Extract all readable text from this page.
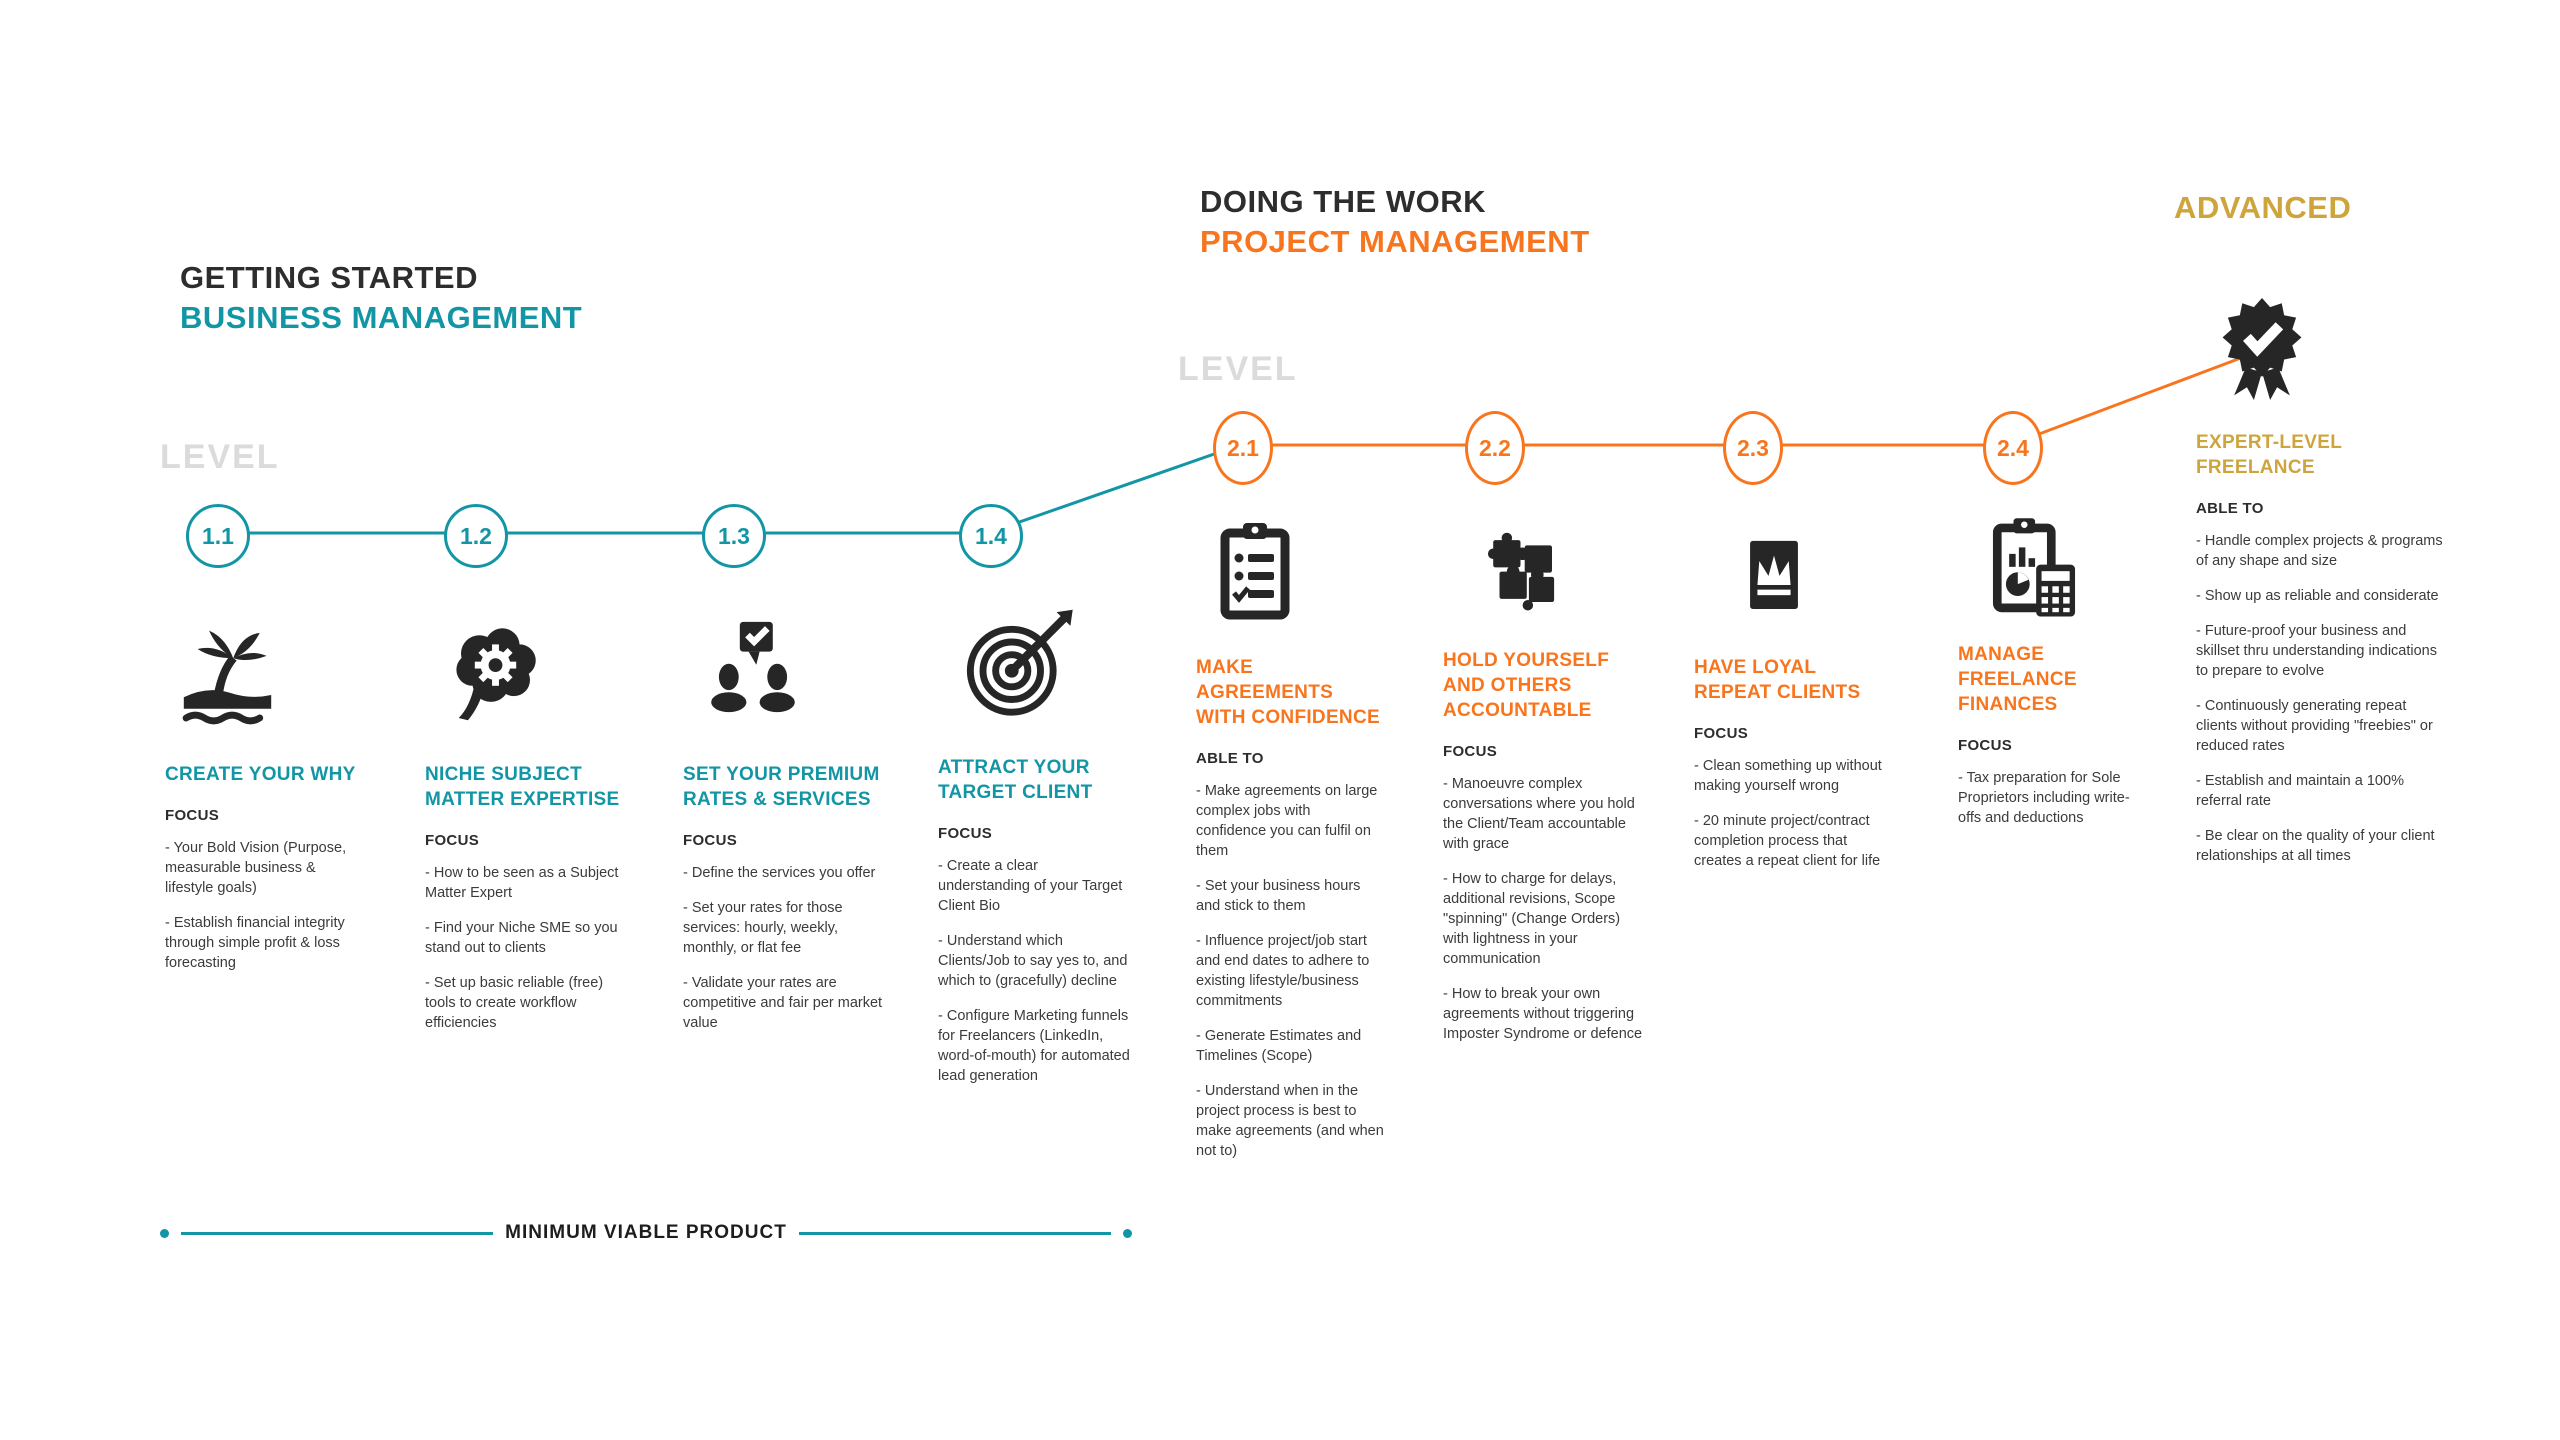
GETTING STARTED
BUSINESS MANAGEMENT
DOING THE WORK
PROJECT MANAGEMENT
ADVANCED
LEVEL
LEVEL
1.1	1.2	1.3	1.4
2.1	2.2	2.3	2.4
CREATE YOUR WHY
FOCUS

- Your Bold Vision (Purpose, measurable business & lifestyle goals)

- Establish financial integrity through simple profit & loss forecasting

NICHE SUBJECT MATTER EXPERTISE
FOCUS

- How to be seen as a Subject Matter Expert

- Find your Niche SME so you stand out to clients

- Set up basic reliable (free) tools to create workflow efficiencies

SET YOUR PREMIUM RATES & SERVICES
FOCUS

- Define the services you offer

- Set your rates for those services: hourly, weekly, monthly, or flat fee

- Validate your rates are competitive and fair per market value

ATTRACT YOUR TARGET CLIENT
FOCUS

- Create a clear understanding of your Target Client Bio

- Understand which Clients/Job to say yes to, and which to (gracefully) decline

- Configure Marketing funnels for Freelancers (LinkedIn, word-of-mouth) for automated lead generation

MINIMUM VIABLE PRODUCT
MAKE AGREEMENTS WITH CONFIDENCE
ABLE TO

- Make agreements on large complex jobs with confidence you can fulfil on them

- Set your business hours and stick to them

- Influence project/job start and end dates to adhere to existing lifestyle/business commitments

- Generate Estimates and Timelines (Scope)

- Understand when in the project process is best to make agreements (and when not to)

HOLD YOURSELF AND OTHERS ACCOUNTABLE
FOCUS

- Manoeuvre complex conversations where you hold the Client/Team accountable with grace

- How to charge for delays, additional revisions, Scope "spinning" (Change Orders) with lightness in your communication

- How to break your own agreements without triggering Imposter Syndrome or defence

HAVE LOYAL REPEAT CLIENTS
FOCUS

- Clean something up without making yourself wrong

- 20 minute project/contract completion process that creates a repeat client for life

MANAGE FREELANCE FINANCES
FOCUS

- Tax preparation for Sole Proprietors including write-offs and deductions

EXPERT-LEVEL FREELANCE
ABLE TO

- Handle complex projects & programs of any shape and size

- Show up as reliable and considerate

- Future-proof your business and skillset thru understanding indications to prepare to evolve

- Continuously generating repeat clients without providing "freebies" or reduced rates

- Establish and maintain a 100% referral rate

- Be clear on the quality of your client relationships at all times
